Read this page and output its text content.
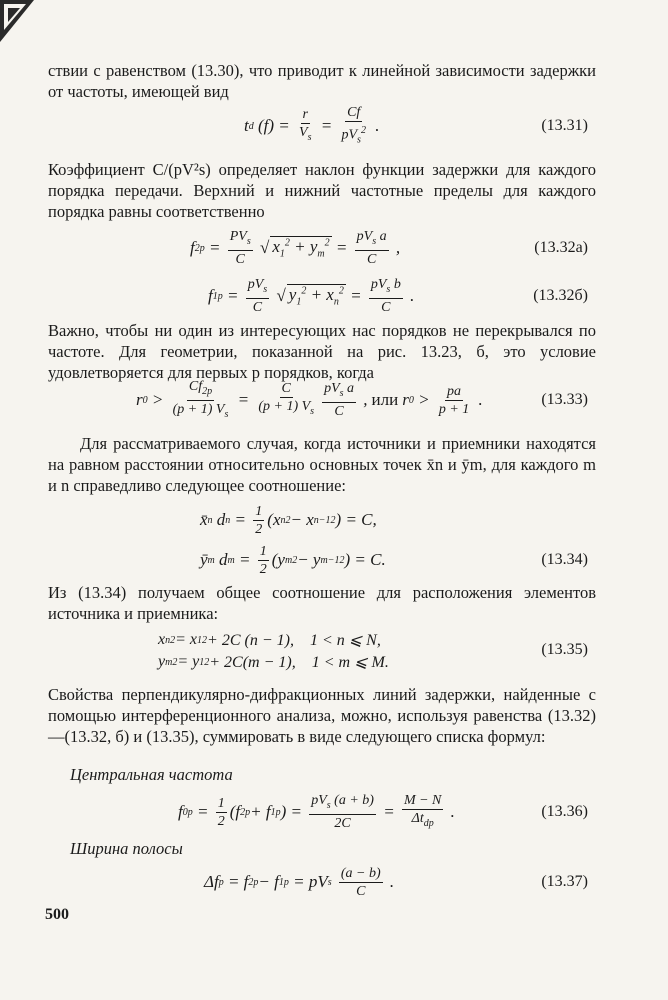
ствии с равенством (13.30), что приводит к линейной зависимости задержки от частоты, имеющей вид

t d $(f) = \frac{r}{V_s} = \frac{Cf}{pV_s^2}$ .	(13.31)

Коэффициент C/(pV²s) определяет наклон функции задержки для каждого порядка передачи. Верхний и нижний частотные пределы для каждого порядка равны соответственно

f $2p = \frac{PV_s}{C}$ √ $x_1^2 + y_m^2 = \frac{pV_s a}{C}$ ,	(13.32а)
f $1p = \frac{pV_s}{C}$ √ $y_1^2 + x_n^2 = \frac{pV_s b}{C}$ .	(13.32б)

Важно, чтобы ни один из интересующих нас порядков не перекрывался по частоте. Для геометрии, показанной на рис. 13.23, б, это условие удовлетворяется для первых p порядков, когда

r $0 > \frac{Cf_{2p}}{(p + 1) V_s} = \frac{C}{(p + 1) V_s} \frac{pV_s a}{C}$ , или r $0 > \frac{pa}{p + 1}$ .	(13.33)

Для рассматриваемого случая, когда источники и приемники находятся на равном расстоянии относительно основных точек x̄n и ȳm, для каждого m и n справедливо следующее соотношение:

x̄ n d $n = \frac{1}{2} (x$ n 2 − x n−1 2 ) = C,
ȳ m d $m = \frac{1}{2} (y$ m 2 − y m−1 2 ) = C.	(13.34)

Из (13.34) получаем общее соотношение для расположения элементов источника и приемника:

x n 2 = x 1 2 + 2C (n − 1),    1 < n ⩽ N,
y m 2 = y 1 2 + 2C(m − 1),    1 < m ⩽ M.
(13.35)

Свойства перпендикулярно-дифракционных линий задержки, найденные с помощью интерференционного анализа, можно, используя равенства (13.32)—(13.32, б) и (13.35), суммировать в виде следующего списка формул:

Центральная частота
f $0p = \frac{1}{2} (f$ 2p + f 1p ) = $\frac{pV_s (a + b)}{2C} = \frac{M - N}{\Delta t_{dp}}$ .	(13.36)
Ширина полосы
Δf p = f 2p − f 1p = pV s
$\frac{(a - b)}{C}$ .	(13.37)
500
